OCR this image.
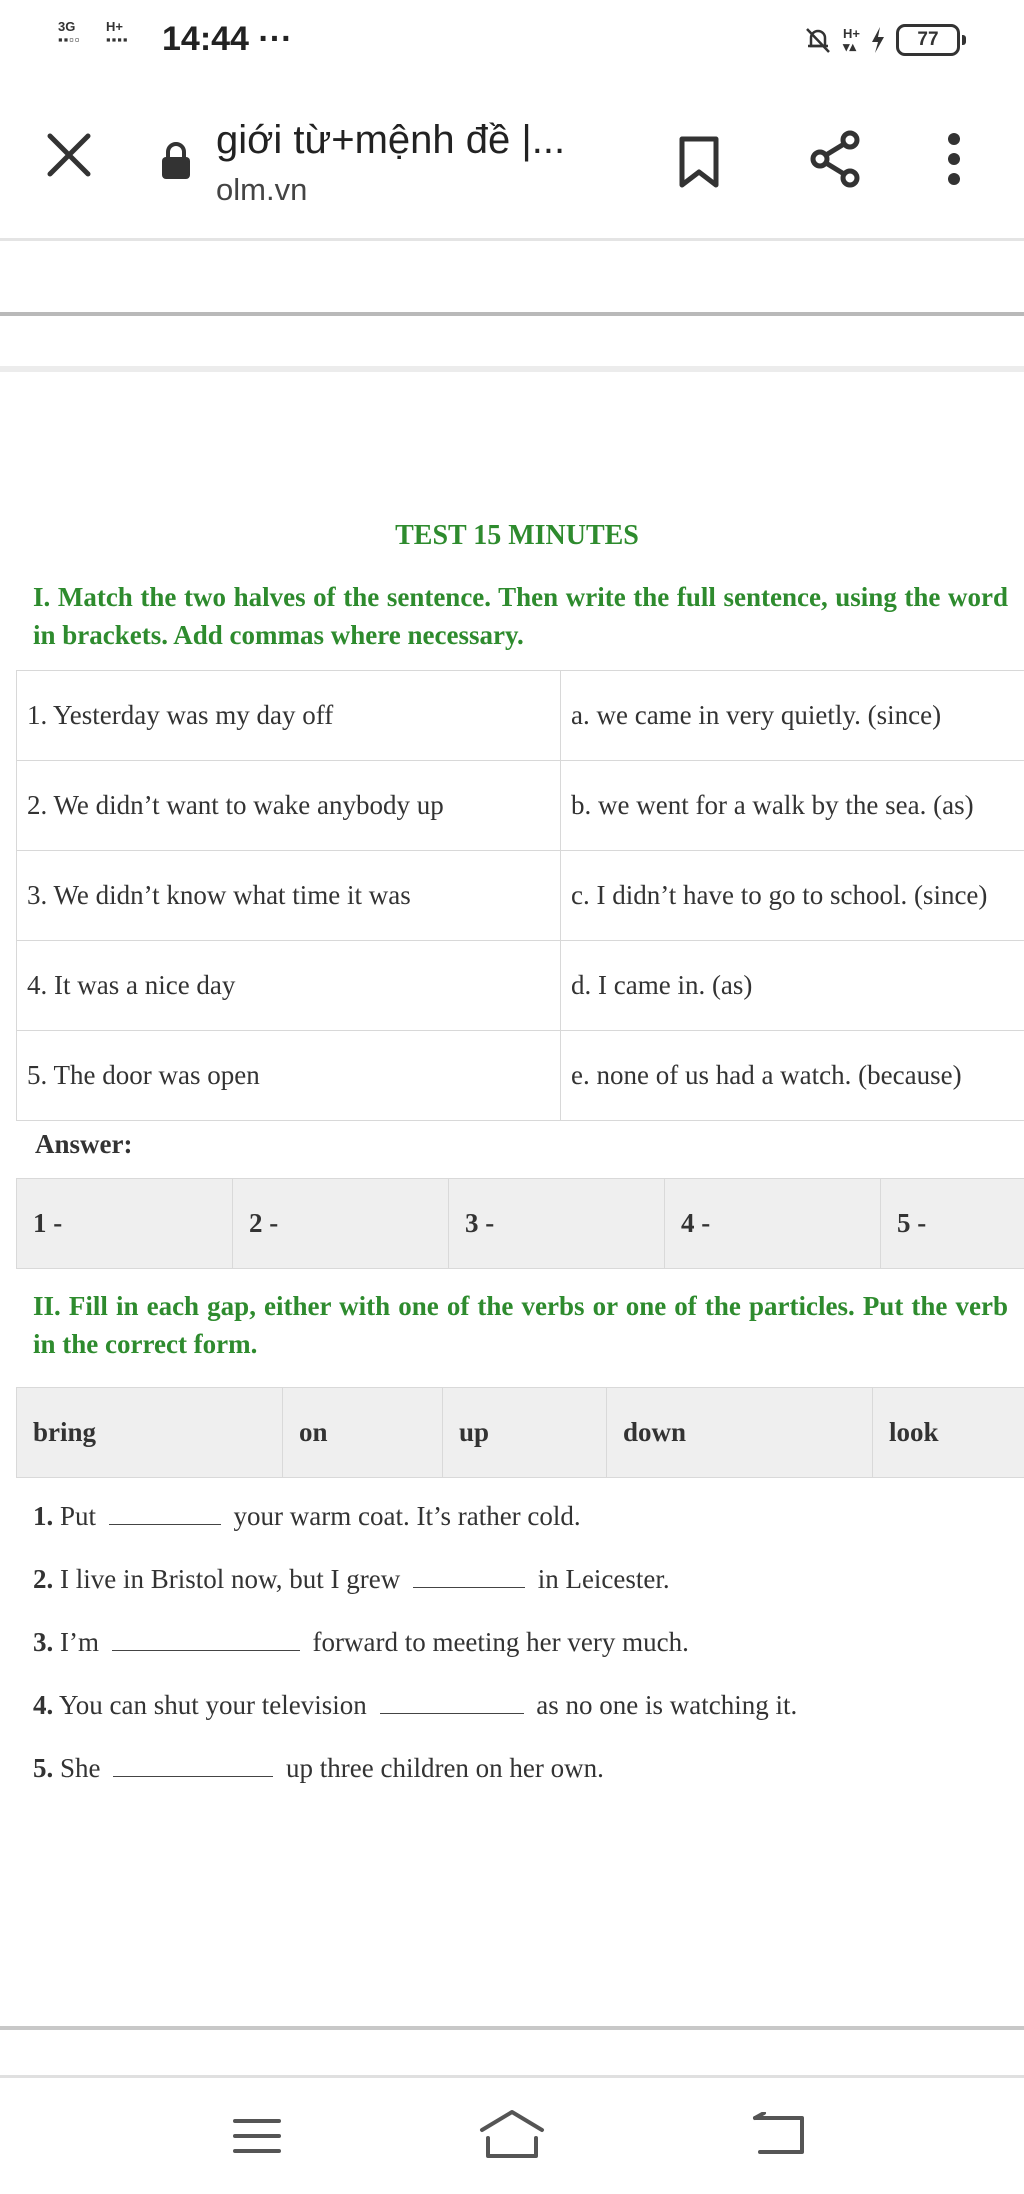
3G
▪▪▫▫
H+
▪▪▪▪ 14:44 ···	H+
▾▴	77
giới từ+mệnh đề |...
olm.vn
TEST 15 MINUTES
I. Match the two halves of the sentence. Then write the full sentence, using the word in brackets. Add commas where necessary.
1. Yesterday was my day off	a. we came in very quietly. (since)
2. We didn’t want to wake anybody up	b. we went for a walk by the sea. (as)
3. We didn’t know what time it was	c. I didn’t have to go to school. (since)
4. It was a nice day	d. I came in. (as)
5. The door was open	e. none of us had a watch. (because)
Answer:
1 -	2 -	3 -	4 -	5 -
II. Fill in each gap, either with one of the verbs or one of the particles. Put the verb in the correct form.
bring	on	up	down	look
1. Put	your warm coat. It’s rather cold.
2. I live in Bristol now, but I grew	in Leicester.
3. I’m	forward to meeting her very much.
4. You can shut your television	as no one is watching it.
5. She	up three children on her own.
